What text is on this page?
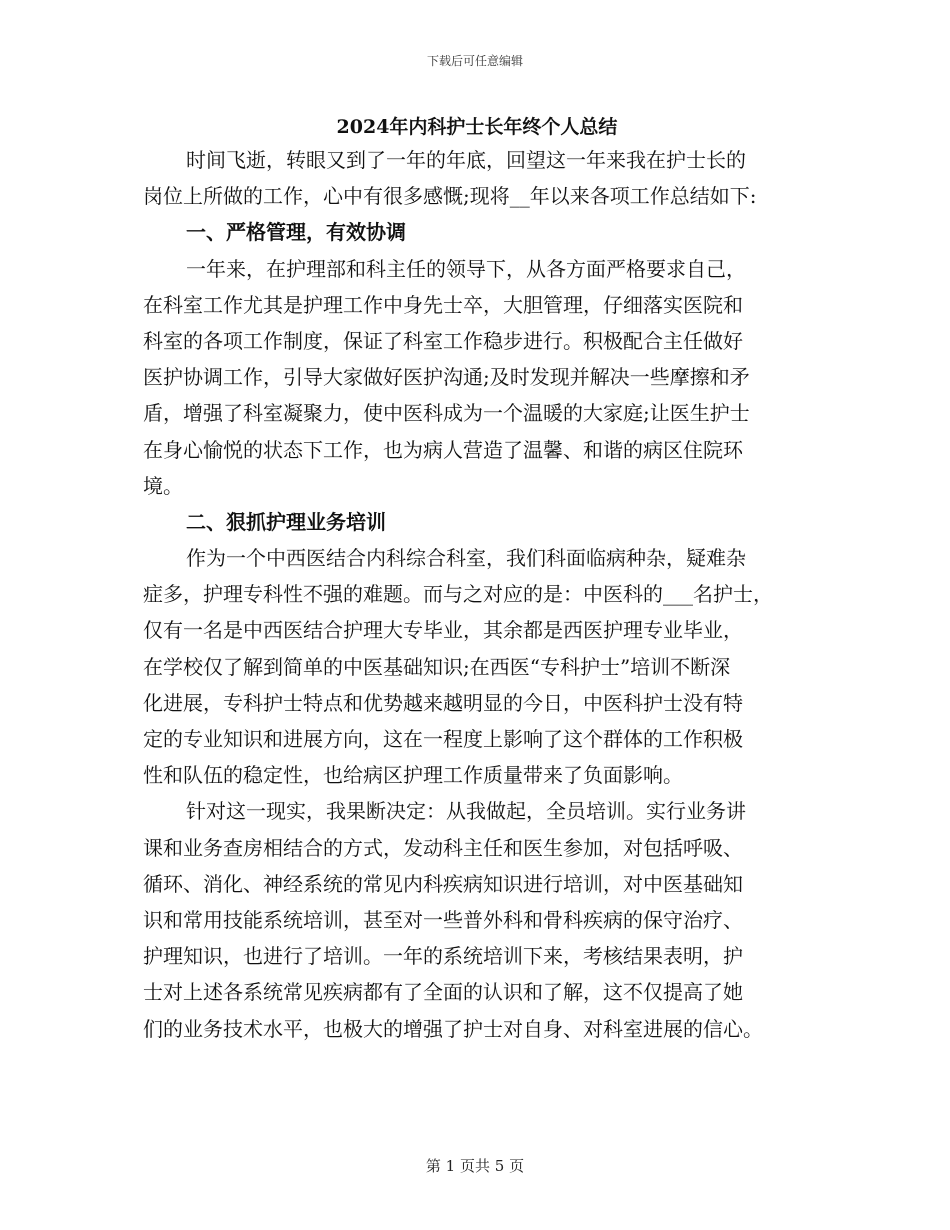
下载后可任意编辑
2024年内科护士长年终个人总结

时间飞逝，转眼又到了一年的年底，回望这一年来我在护士长的

岗位上所做的工作，心中有很多感慨;现将__年以来各项工作总结如下:

一、严格管理，有效协调

一年来，在护理部和科主任的领导下，从各方面严格要求自己，

在科室工作尤其是护理工作中身先士卒，大胆管理，仔细落实医院和

科室的各项工作制度，保证了科室工作稳步进行。积极配合主任做好

医护协调工作，引导大家做好医护沟通;及时发现并解决一些摩擦和矛

盾，增强了科室凝聚力，使中医科成为一个温暖的大家庭;让医生护士

在身心愉悦的状态下工作，也为病人营造了温馨、和谐的病区住院环

境。

二、狠抓护理业务培训

作为一个中西医结合内科综合科室，我们科面临病种杂，疑难杂

症多，护理专科性不强的难题。而与之对应的是：中医科的___名护士，

仅有一名是中西医结合护理大专毕业，其余都是西医护理专业毕业，

在学校仅了解到简单的中医基础知识;在西医“专科护士”培训不断深

化进展，专科护士特点和优势越来越明显的今日，中医科护士没有特

定的专业知识和进展方向，这在一程度上影响了这个群体的工作积极

性和队伍的稳定性，也给病区护理工作质量带来了负面影响。

针对这一现实，我果断决定：从我做起，全员培训。实行业务讲

课和业务查房相结合的方式，发动科主任和医生参加，对包括呼吸、

循环、消化、神经系统的常见内科疾病知识进行培训，对中医基础知

识和常用技能系统培训，甚至对一些普外科和骨科疾病的保守治疗、

护理知识，也进行了培训。一年的系统培训下来，考核结果表明，护

士对上述各系统常见疾病都有了全面的认识和了解，这不仅提高了她

们的业务技术水平，也极大的增强了护士对自身、对科室进展的信心。

第 1 页共 5 页
